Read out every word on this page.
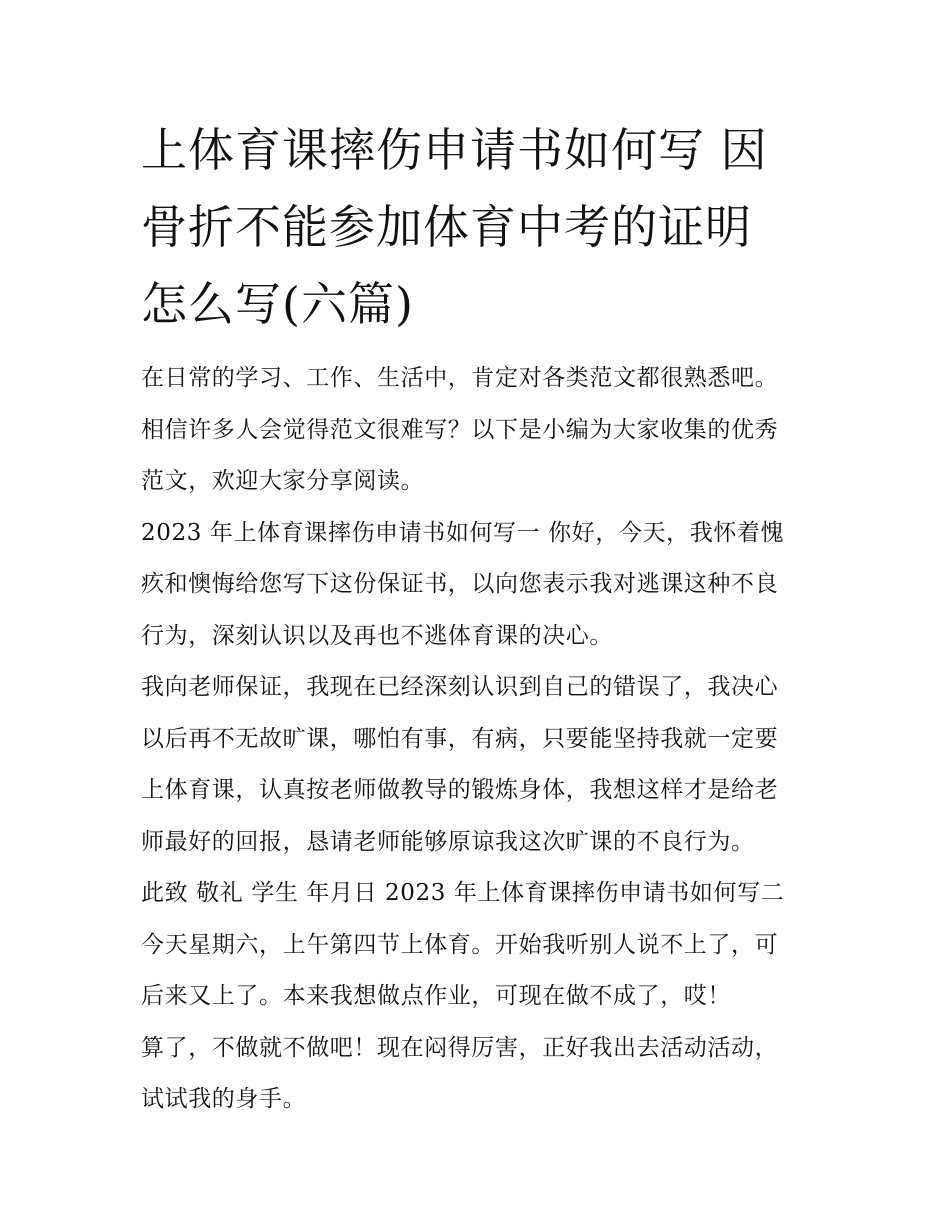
上体育课摔伤申请书如何写 因
骨折不能参加体育中考的证明
怎么写(六篇)
在日常的学习、工作、生活中，肯定对各类范文都很熟悉吧。
相信许多人会觉得范文很难写？以下是小编为大家收集的优秀
范文，欢迎大家分享阅读。
2023 年上体育课摔伤申请书如何写一 你好，今天，我怀着愧
疚和懊悔给您写下这份保证书，以向您表示我对逃课这种不良
行为，深刻认识以及再也不逃体育课的决心。
我向老师保证，我现在已经深刻认识到自己的错误了，我决心
以后再不无故旷课，哪怕有事，有病，只要能坚持我就一定要
上体育课，认真按老师做教导的锻炼身体，我想这样才是给老
师最好的回报，恳请老师能够原谅我这次旷课的不良行为。
此致 敬礼 学生 年月日 2023 年上体育课摔伤申请书如何写二
今天星期六，上午第四节上体育。开始我听别人说不上了，可
后来又上了。本来我想做点作业，可现在做不成了，哎！
算了，不做就不做吧！现在闷得厉害，正好我出去活动活动，
试试我的身手。
